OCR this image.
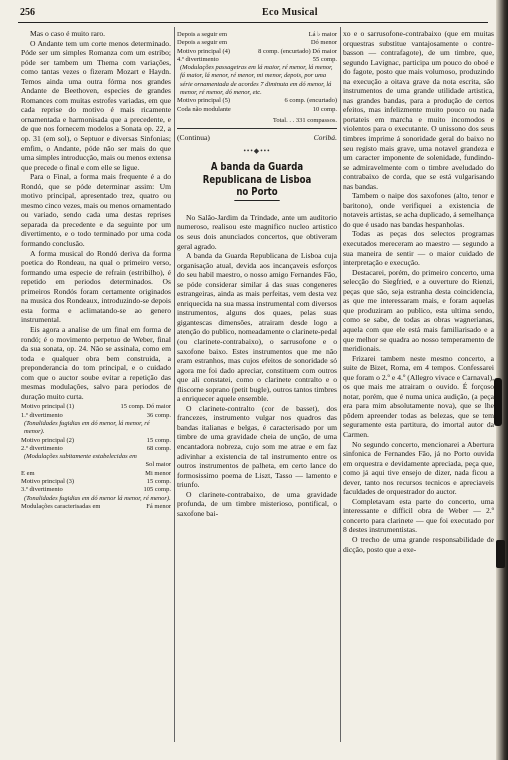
256	Eco Musical

Mas o caso é muito raro.

O Andante tem um corte menos determinado. Póde ser um simples Romanza com um estribo; póde ser tambem um Thema com variações, como tantas vezes o fizeram Mozart e Haydn. Temos ainda uma outra fórma nos grandes Andante de Beethoven, especies de grandes Romances com muitas estrofes variadas, em que cada reprise do motivo é mais ricamente ornamentada e harmonisada que a precedente, e de que nos fornecem modelos a Sonata op. 22, a op. 31 (em sol), o Septuor e diversas Sinfonias; emfim, o Andante, póde não ser mais do que uma simples introducção, mais ou menos extensa que precede o final e com elle se ligue.

Para o Final, a forma mais frequente é a do Rondó, que se póde determinar assim: Um motivo principal, apresentado trez, quatro ou mesmo cinco vezes, mais ou menos ornamentado ou variado, sendo cada uma destas reprises separada da precedente e da seguinte por um divertimento, e o todo terminado por uma coda formando conclusão.

A forma musical do Rondó deriva da forma poetica do Rondeau, na qual o primeiro verso, formando uma especie de refrain (estribilho), é repetido em periodos determinados. Os primeiros Rondós foram certamente originados na musica dos Rondeaux, introduzindo-se depois esta forma e aclimatando-se ao genero instrumental.

Eis agora a analise de um final em forma de rondó; é o movimento perpetuo de Weber, final da sua sonata, op. 24. Não se assinala, como em toda e qualquer obra bem construida, a preponderancia do tom principal, e o cuidado com que o auctor soube evitar a repetição das mesmas modulações, salvo para periodos de duração muito curta.

Motivo principal (1)	15 comp. Dó maior
1.º divertimento	36 comp.
(Tonalidades fugidias em dó menor, lá menor, ré menor).
Motivo principal (2)	15 comp.
2.º divertimento	68 comp.
(Modulações subitamente estabelecidas em
Sol maior
E em	Mi menor
Motivo principal (3)	15 comp.
3.º divertimento	105 comp.
(Tonalidades fugidias em dó menor lá menor, ré menor).
Modulações caracterisadas em	Fá menor
Depois a seguir em	Lá ♭ maior
Depois a seguir em	Dó menor
Motivo principal (4)	8 comp. (encurtado) Dó maior
4.º divertimento	55 comp.
(Modulações passageiras em lá maior, ré menor, lá menor, fá maior, lá menor, ré menor, mi menor, depois, por uma série ornamentada de acordes 7 diminuta em dó menor, lá menor, ré menor, dó menor, etc.
Motivo principal (5)	6 comp. (encurtado)
Coda não modulante	10 comp.
Total. . . 331 compassos.
(Continua)	Coribá.
•••◆•••
A banda da Guarda Republicana de Lisboa
no Porto

No Salão-Jardim da Trindade, ante um auditorio numeroso, realisou este magnifico nucleo artistico os seus dois anunciados concertos, que obtiveram geral agrado.

A banda da Guarda Republicana de Lisboa cuja organisação atual, devida aos incançaveis esforços do seu habil maestro, o nosso amigo Fernandes Fão, se póde considerar similar á das suas congeneres estrangeiras, ainda as mais perfeitas, vem desta vez enriquecida na sua massa instrumental com diversos instrumentos, alguns dos quaes, pelas suas gigantescas dimensões, atrairam desde logo a atenção do publico, nomeadamente o clarinete-pedal (ou clarinete-contrabaixo), o sarrusofone e o saxofone baixo. Estes instrumentos que me não eram estranhos, mas cujos efeitos de sonoridade só agora me foi dado apreciar, constituem com outros que ali constatei, como o clarinete contralto e o fliscorne soprano (petit bugle), outros tantos timbres a enriquecer aquele ensemble.

O clarinete-contralto (cor de basset), dos francezes, instrumento vulgar nos quadros das bandas italianas e belgas, é caracterisado por um timbre de uma gravidade cheia de unção, de uma encantadora nobreza, cujo som me atrae e em faz adivinhar a existencia de tal instrumento entre os outros instrumentos de palheta, em certo lance do formosissimo poema de Liszt, Tasso — lamento e triunfo.

O clarinete-contrabaixo, de uma gravidade profunda, de um timbre misterioso, pontifical, o saxofone bai-

xo e o sarrusofone-contrabaixo (que em muitas orquestras substitue vantajosamente o contre-basson — contrafagote), de um timbre, que, segundo Lavignac, participa um pouco do oboé e do fagote, posto que mais volumoso, produzindo na execução a oitava grave da nota escrita, são instrumentos de uma grande utilidade artistica, nas grandes bandas, para a produção de certos efeitos, mas infelizmente muito pouco ou nada portateis em marcha e muito incomodos e violentos para o executante. O unissono dos seus timbres imprime á sonoridade geral do baixo no seu registo mais grave, uma notavel grandeza e um caracter imponente de solenidade, fundindo-se admiravelmente com o timbre aveludado do contrabaixo de corda, que se está vulgarisando nas bandas.

Tambem o naipe dos saxofones (alto, tenor e baritono), onde verifiquei a existencia de notaveis artistas, se acha duplicado, á semelhança do que é usado nas bandas hespanholas.

Todas as peças dos selectos programas executados mereceram ao maestro — segundo a sua maneira de sentir — o maior cuidado de interpretação e execução.

Destacarei, porém, do primeiro concerto, uma selecção do Siegfried, e a ouverture do Rienzi, peças que são, seja estranha desta coincidencia, as que me interessaram mais, e foram aquelas que produziram ao publico, esta ultima sendo, como se sabe, de todas as obras wagnerianas, aquela com que ele está mais familiarisado e a que melhor se quadra ao nosso temperamento de meridionais.

Frizarei tambem neste mesmo concerto, a suite de Bizet, Roma, em 4 tempos. Confessarei que foram o 2.º e 4.º (Allegro vivace e Carnaval), os que mais me atrairam o ouvido. É forçoso notar, porém, que é numa unica audição, (a peça era para mim absolutamente nova), que se lhe pôdem apreender todas as belezas, que se tem seguramente esta partitura, do imortal autor da Carmen.

No segundo concerto, mencionarei a Abertura sinfonica de Fernandes Fão, já no Porto ouvida em orquestra e devidamente apreciada, peça que, como já aqui tive ensejo de dizer, nada ficou a dever, tanto nos recursos tecnicos e apreciaveis faculdades de orquestrador do auctor.

Completavam esta parte do concerto, uma interessante e difficil obra de Weber — 2.º concerto para clarinete — que foi executado por 8 destes instrumentistas.

O trecho de uma grande responsabilidade de dicção, posto que a exe-
